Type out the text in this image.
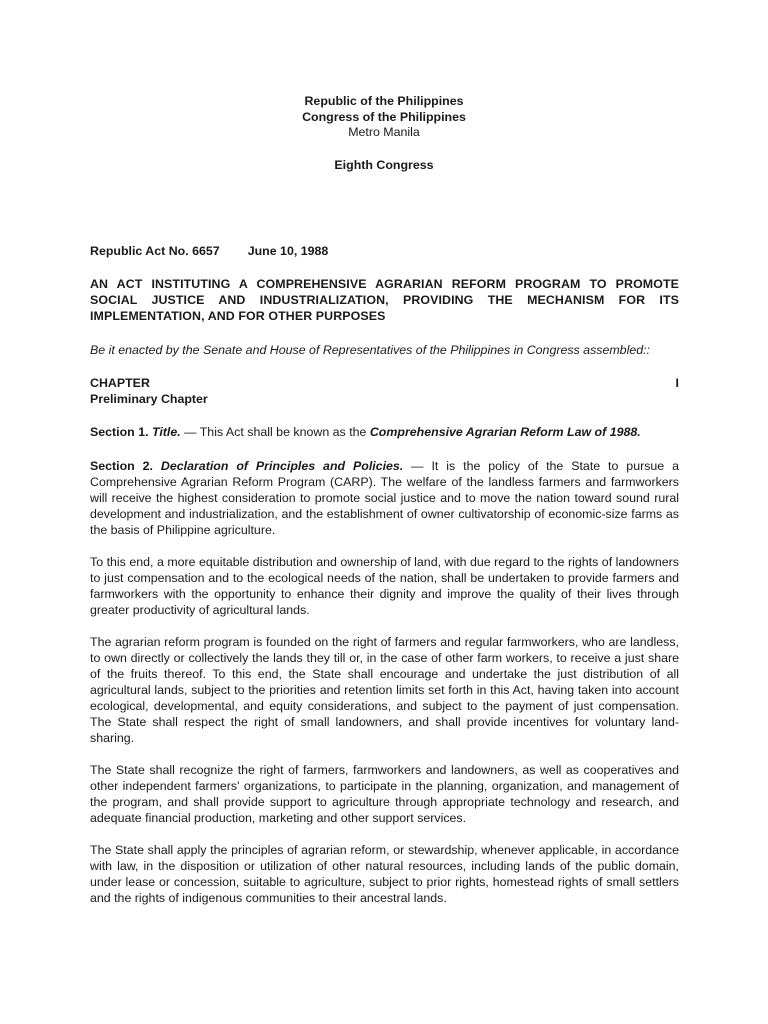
Republic of the Philippines
Congress of the Philippines
Metro Manila
Eighth Congress
Republic Act No. 6657 June 10, 1988
AN ACT INSTITUTING A COMPREHENSIVE AGRARIAN REFORM PROGRAM TO PROMOTE SOCIAL JUSTICE AND INDUSTRIALIZATION, PROVIDING THE MECHANISM FOR ITS IMPLEMENTATION, AND FOR OTHER PURPOSES
Be it enacted by the Senate and House of Representatives of the Philippines in Congress assembled::
CHAPTER	I
Preliminary Chapter
Section 1. Title. — This Act shall be known as the Comprehensive Agrarian Reform Law of 1988.
Section 2. Declaration of Principles and Policies. — It is the policy of the State to pursue a Comprehensive Agrarian Reform Program (CARP). The welfare of the landless farmers and farmworkers will receive the highest consideration to promote social justice and to move the nation toward sound rural development and industrialization, and the establishment of owner cultivatorship of economic-size farms as the basis of Philippine agriculture.

To this end, a more equitable distribution and ownership of land, with due regard to the rights of landowners to just compensation and to the ecological needs of the nation, shall be undertaken to provide farmers and farmworkers with the opportunity to enhance their dignity and improve the quality of their lives through greater productivity of agricultural lands.

The agrarian reform program is founded on the right of farmers and regular farmworkers, who are landless, to own directly or collectively the lands they till or, in the case of other farm workers, to receive a just share of the fruits thereof. To this end, the State shall encourage and undertake the just distribution of all agricultural lands, subject to the priorities and retention limits set forth in this Act, having taken into account ecological, developmental, and equity considerations, and subject to the payment of just compensation. The State shall respect the right of small landowners, and shall provide incentives for voluntary land-sharing.

The State shall recognize the right of farmers, farmworkers and landowners, as well as cooperatives and other independent farmers' organizations, to participate in the planning, organization, and management of the program, and shall provide support to agriculture through appropriate technology and research, and adequate financial production, marketing and other support services.

The State shall apply the principles of agrarian reform, or stewardship, whenever applicable, in accordance with law, in the disposition or utilization of other natural resources, including lands of the public domain, under lease or concession, suitable to agriculture, subject to prior rights, homestead rights of small settlers and the rights of indigenous communities to their ancestral lands.
